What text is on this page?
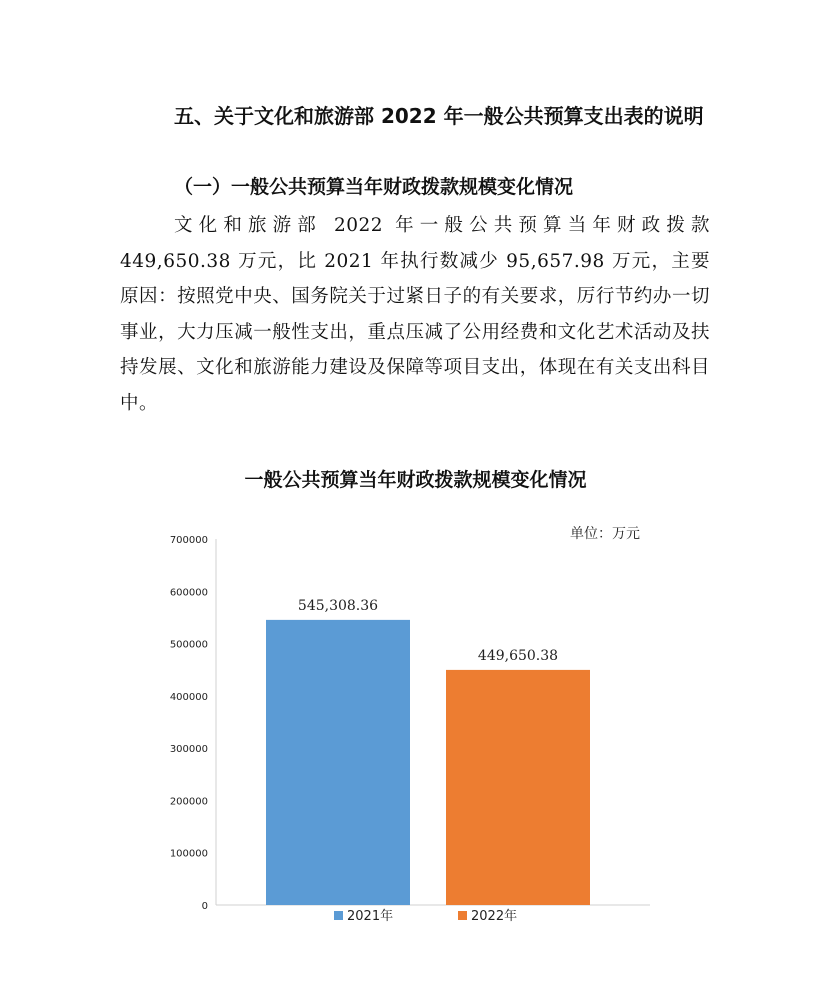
五、关于文化和旅游部 2022 年一般公共预算支出表的说明
（一）一般公共预算当年财政拨款规模变化情况

文化和旅游部 2022 年一般公共预算当年财政拨款 449,650.38 万元，比 2021 年执行数减少 95,657.98 万元，主要原因：按照党中央、国务院关于过紧日子的有关要求，厉行节约办一切事业，大力压减一般性支出，重点压减了公用经费和文化艺术活动及扶持发展、文化和旅游能力建设及保障等项目支出，体现在有关支出科目中。

一般公共预算当年财政拨款规模变化情况
单位：万元
0
100000
200000
300000
400000
500000
600000
700000
545,308.36
449,650.38
2021年	2022年
